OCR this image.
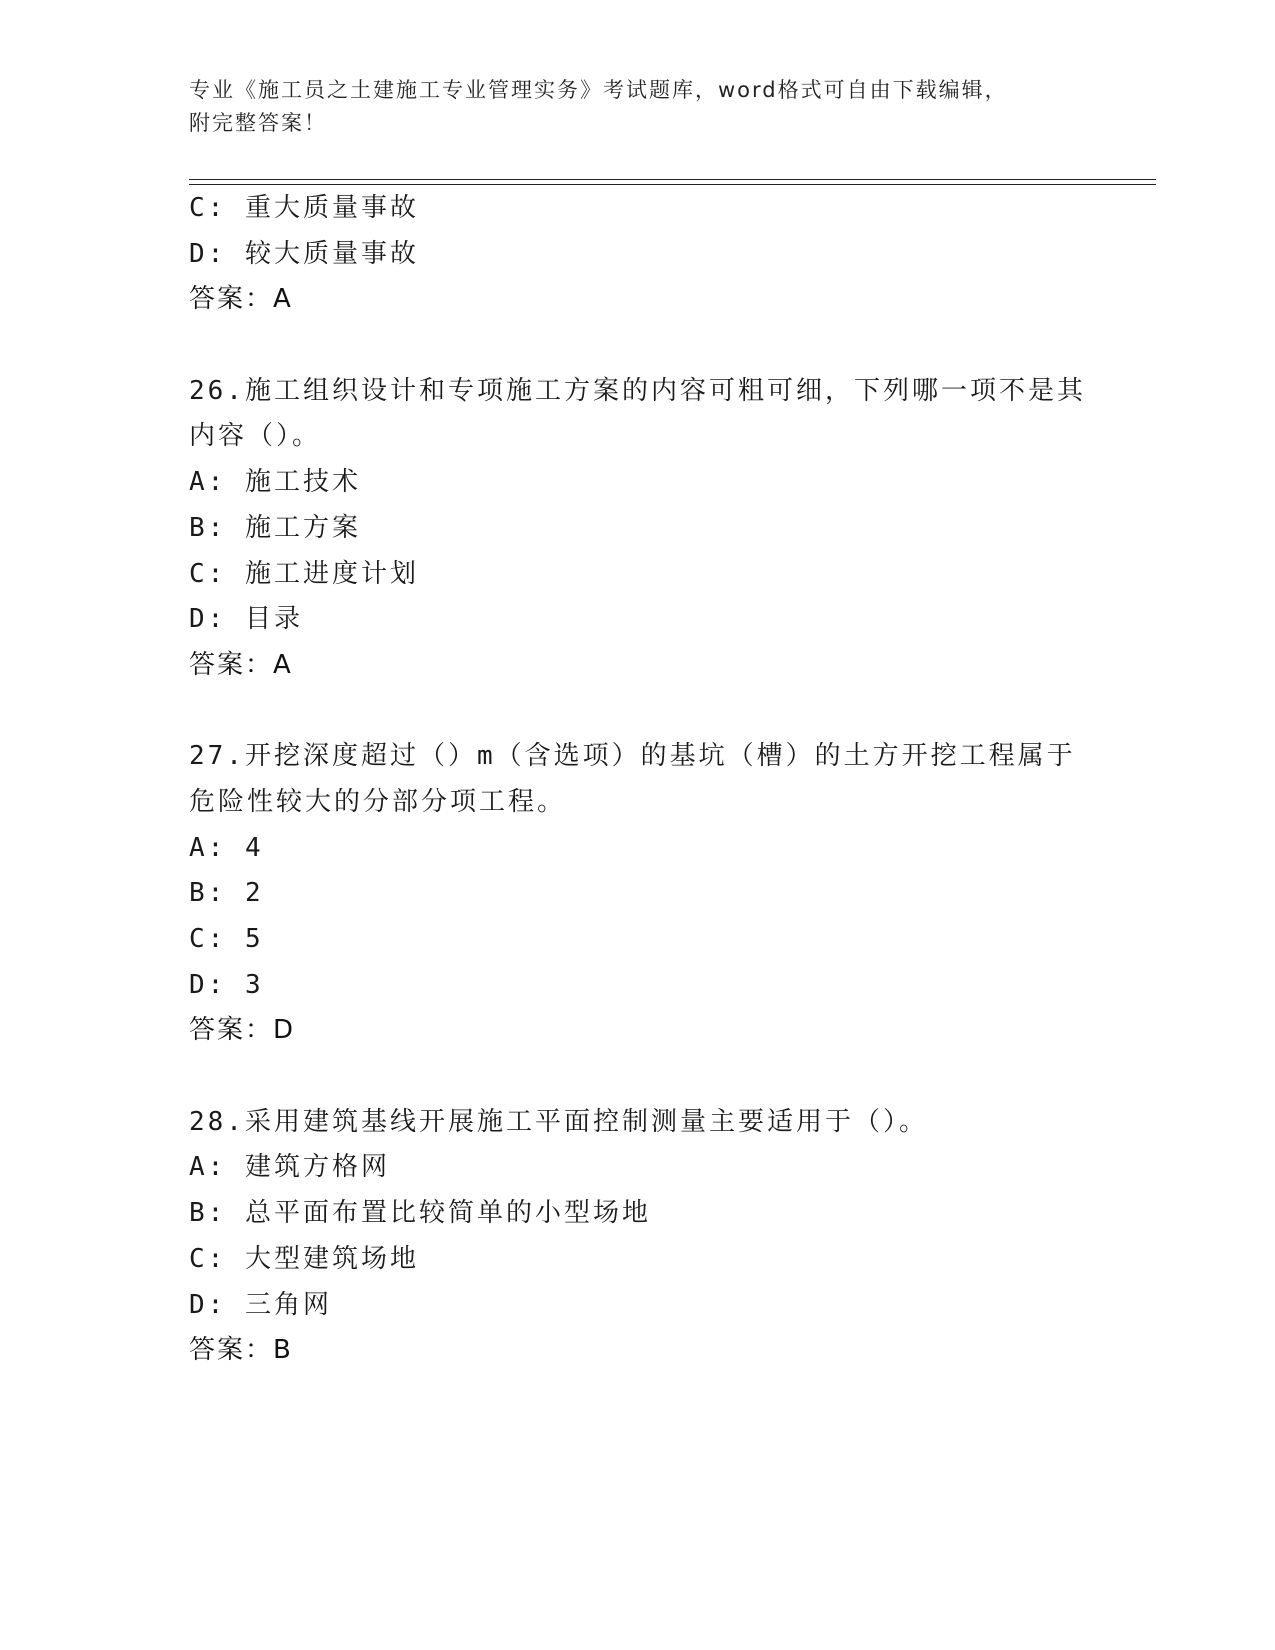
专业《施工员之土建施工专业管理实务》考试题库，word格式可自由下载编辑，
附完整答案！
C: 重大质量事故
D: 较大质量事故
答案：A
26.施工组织设计和专项施工方案的内容可粗可细，下列哪一项不是其
内容（）。
A: 施工技术
B: 施工方案
C: 施工进度计划
D: 目录
答案：A
27.开挖深度超过（）m（含选项）的基坑（槽）的土方开挖工程属于
危险性较大的分部分项工程。
A: 4
B: 2
C: 5
D: 3
答案：D
28.采用建筑基线开展施工平面控制测量主要适用于（）。
A: 建筑方格网
B: 总平面布置比较简单的小型场地
C: 大型建筑场地
D: 三角网
答案：B
